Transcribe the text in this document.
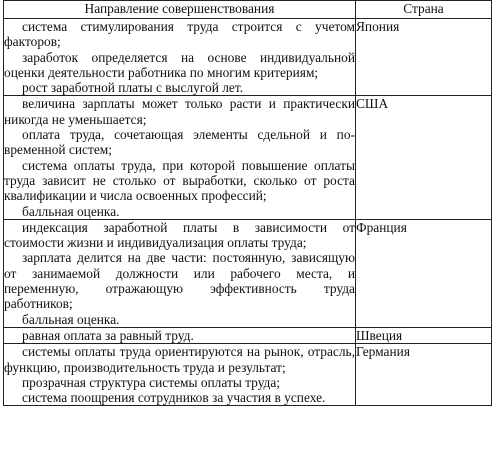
Направление совершенствования	Страна

система стимулирования труда строится с учетом факторов;
заработок определяется на основе индивидуальной оценки деятельности работника по многим критериям;
рост заработной платы с выслугой лет.	Япония

величина зарплаты может только расти и практически никогда не уменьшается;
оплата труда, сочетающая элементы сдельной и повременной систем;
система оплаты труда, при которой повышение оплаты труда зависит не столько от выработки, сколько от роста квалификации и числа освоенных профессий;
балльная оценка.	США

индексация заработной платы в зависимости от стоимости жизни и индивидуализация оплаты труда;
зарплата делится на две части: постоянную, зависящую от занимаемой должности или рабочего места, и переменную, отражающую эффективность труда работников;
балльная оценка.	Франция

равная оплата за равный труд.	Швеция

системы оплаты труда ориентируются на рынок, отрасль, функцию, производительность труда и результат;
прозрачная структура системы оплаты труда;
система поощрения сотрудников за участия в успехе.	Германия
